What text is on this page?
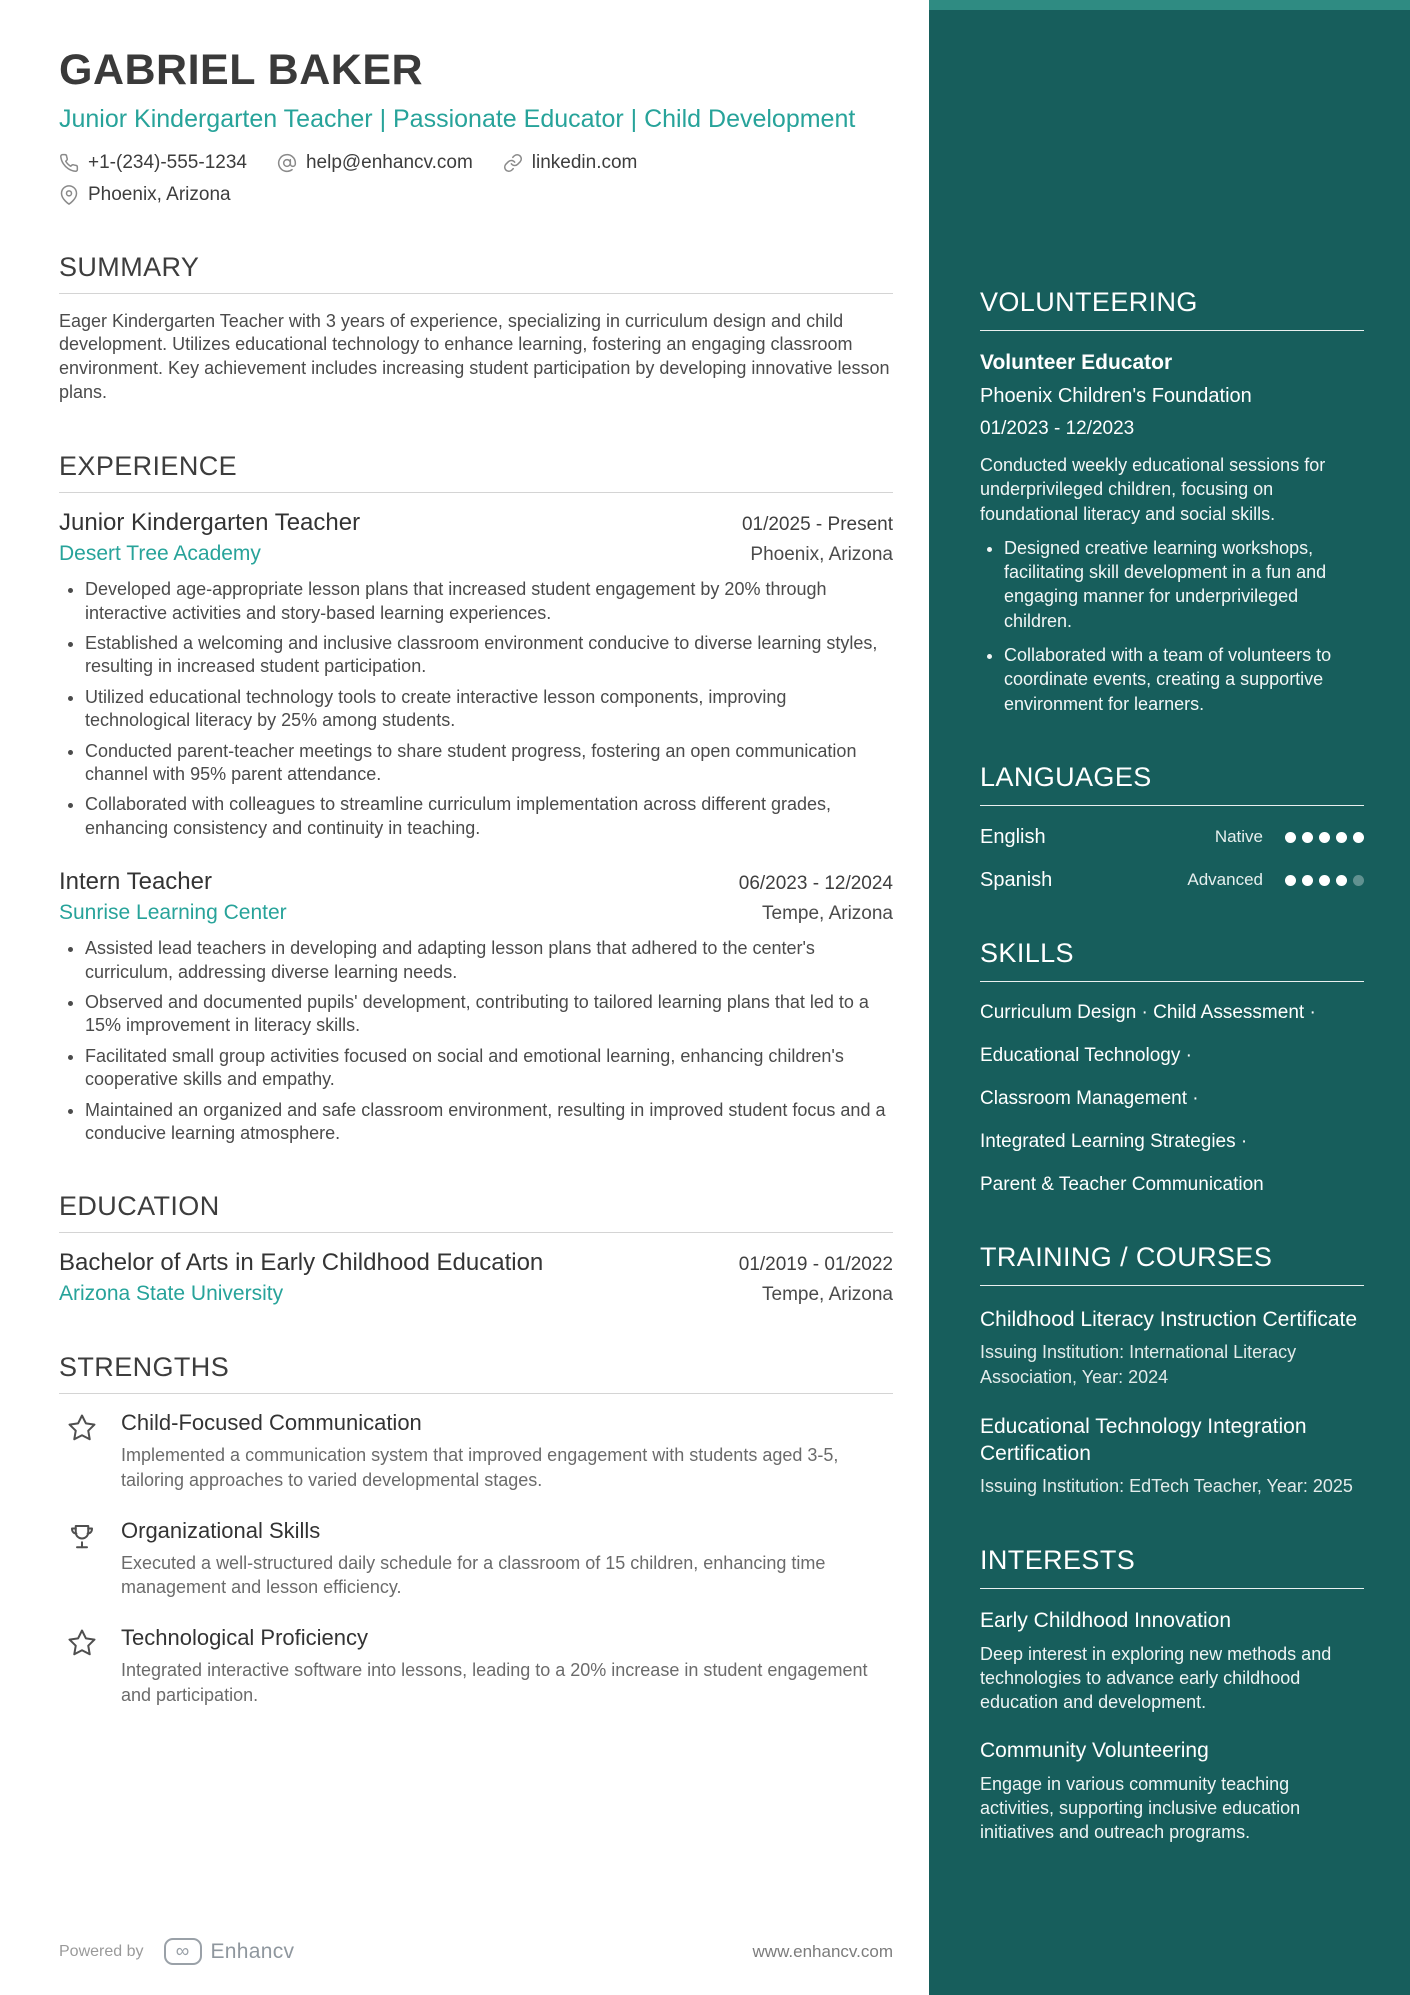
GABRIEL BAKER
Junior Kindergarten Teacher | Passionate Educator | Child Development
+1-(234)-555-1234	help@enhancv.com	linkedin.com
Phoenix, Arizona
SUMMARY

Eager Kindergarten Teacher with 3 years of experience, specializing in curriculum design and child development. Utilizes educational technology to enhance learning, fostering an engaging classroom environment. Key achievement includes increasing student participation by developing innovative lesson plans.

EXPERIENCE
Junior Kindergarten Teacher	01/2025 - Present
Desert Tree Academy	Phoenix, Arizona
• Developed age-appropriate lesson plans that increased student engagement by 20% through interactive activities and story-based learning experiences.
• Established a welcoming and inclusive classroom environment conducive to diverse learning styles, resulting in increased student participation.
• Utilized educational technology tools to create interactive lesson components, improving technological literacy by 25% among students.
• Conducted parent-teacher meetings to share student progress, fostering an open communication channel with 95% parent attendance.
• Collaborated with colleagues to streamline curriculum implementation across different grades, enhancing consistency and continuity in teaching.
Intern Teacher	06/2023 - 12/2024
Sunrise Learning Center	Tempe, Arizona
• Assisted lead teachers in developing and adapting lesson plans that adhered to the center's curriculum, addressing diverse learning needs.
• Observed and documented pupils' development, contributing to tailored learning plans that led to a 15% improvement in literacy skills.
• Facilitated small group activities focused on social and emotional learning, enhancing children's cooperative skills and empathy.
• Maintained an organized and safe classroom environment, resulting in improved student focus and a conducive learning atmosphere.
EDUCATION
Bachelor of Arts in Early Childhood Education	01/2019 - 01/2022
Arizona State University	Tempe, Arizona
STRENGTHS
Child-Focused Communication
Implemented a communication system that improved engagement with students aged 3-5, tailoring approaches to varied developmental stages.
Organizational Skills
Executed a well-structured daily schedule for a classroom of 15 children, enhancing time management and lesson efficiency.
Technological Proficiency
Integrated interactive software into lessons, leading to a 20% increase in student engagement and participation.
Powered by	∞	Enhancv	www.enhancv.com
VOLUNTEERING
Volunteer Educator
Phoenix Children's Foundation
01/2023 - 12/2023

Conducted weekly educational sessions for underprivileged children, focusing on foundational literacy and social skills.

• Designed creative learning workshops, facilitating skill development in a fun and engaging manner for underprivileged children.
• Collaborated with a team of volunteers to coordinate events, creating a supportive environment for learners.
LANGUAGES
English	Native
Spanish	Advanced
SKILLS
Curriculum Design · Child Assessment ·
Educational Technology ·
Classroom Management ·
Integrated Learning Strategies ·
Parent & Teacher Communication
TRAINING / COURSES
Childhood Literacy Instruction Certificate
Issuing Institution: International Literacy Association, Year: 2024
Educational Technology Integration Certification
Issuing Institution: EdTech Teacher, Year: 2025
INTERESTS
Early Childhood Innovation
Deep interest in exploring new methods and technologies to advance early childhood education and development.
Community Volunteering
Engage in various community teaching activities, supporting inclusive education initiatives and outreach programs.
